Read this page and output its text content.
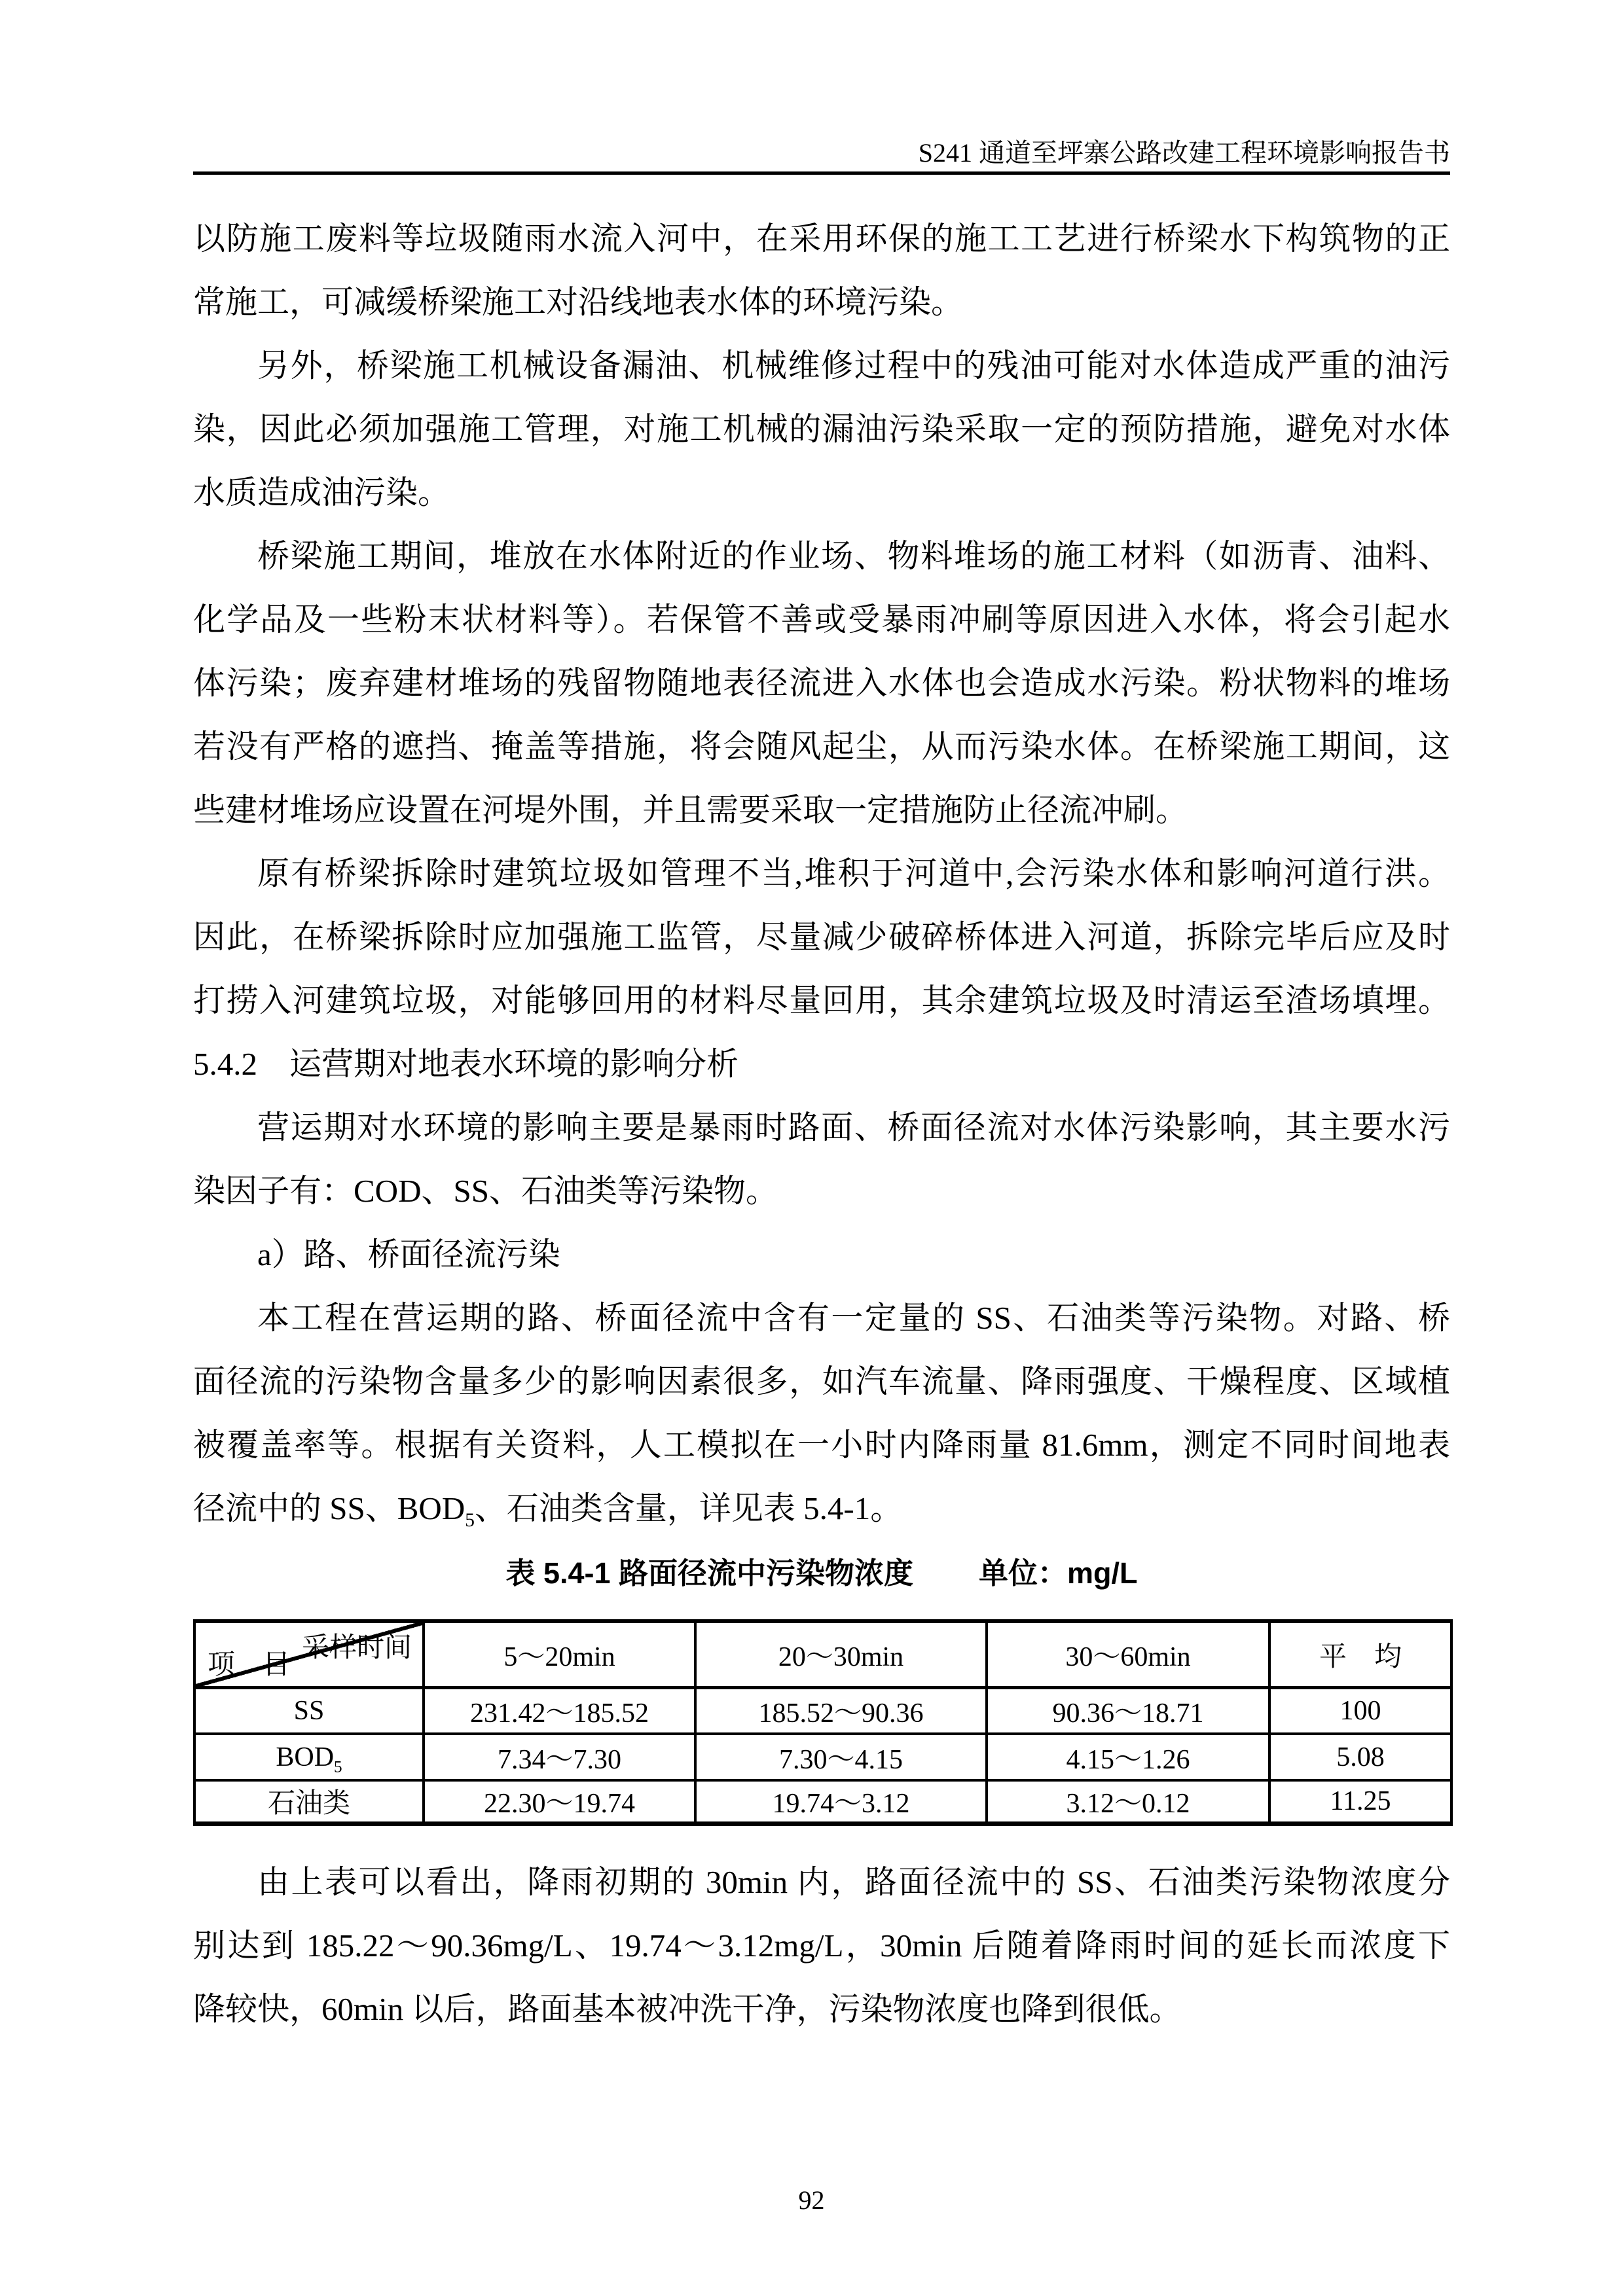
S241 通道至坪寨公路改建工程环境影响报告书
以防施工废料等垃圾随雨水流入河中，在采用环保的施工工艺进行桥梁水下构筑物的正
常施工，可减缓桥梁施工对沿线地表水体的环境污染。
另外，桥梁施工机械设备漏油、机械维修过程中的残油可能对水体造成严重的油污
染，因此必须加强施工管理，对施工机械的漏油污染采取一定的预防措施，避免对水体
水质造成油污染。
桥梁施工期间，堆放在水体附近的作业场、物料堆场的施工材料（如沥青、油料、
化学品及一些粉末状材料等）。若保管不善或受暴雨冲刷等原因进入水体，将会引起水
体污染；废弃建材堆场的残留物随地表径流进入水体也会造成水污染。粉状物料的堆场
若没有严格的遮挡、掩盖等措施，将会随风起尘，从而污染水体。在桥梁施工期间，这
些建材堆场应设置在河堤外围，并且需要采取一定措施防止径流冲刷。
原有桥梁拆除时建筑垃圾如管理不当,堆积于河道中,会污染水体和影响河道行洪。
因此，在桥梁拆除时应加强施工监管，尽量减少破碎桥体进入河道，拆除完毕后应及时
打捞入河建筑垃圾，对能够回用的材料尽量回用，其余建筑垃圾及时清运至渣场填埋。
5.4.2　运营期对地表水环境的影响分析
营运期对水环境的影响主要是暴雨时路面、桥面径流对水体污染影响，其主要水污
染因子有：COD、SS、石油类等污染物。
a）路、桥面径流污染
本工程在营运期的路、桥面径流中含有一定量的 SS、石油类等污染物。对路、桥
面径流的污染物含量多少的影响因素很多，如汽车流量、降雨强度、干燥程度、区域植
被覆盖率等。根据有关资料，人工模拟在一小时内降雨量 81.6mm，测定不同时间地表
径流中的 SS、$BOD_5$、石油类含量，详见表 5.4-1。
表 5.4-1 路面径流中污染物浓度 单位：mg/L
采样时间
项　目	5～20min	20～30min	30～60min	平　均
SS	231.42～185.52	185.52～90.36	90.36～18.71	100
$BOD_5$	7.34～7.30	7.30～4.15	4.15～1.26	5.08
石油类	22.30～19.74	19.74～3.12	3.12～0.12	11.25
由上表可以看出，降雨初期的 30min 内，路面径流中的 SS、石油类污染物浓度分
别达到 185.22～90.36mg/L、19.74～3.12mg/L，30min 后随着降雨时间的延长而浓度下
降较快，60min 以后，路面基本被冲洗干净，污染物浓度也降到很低。
92
